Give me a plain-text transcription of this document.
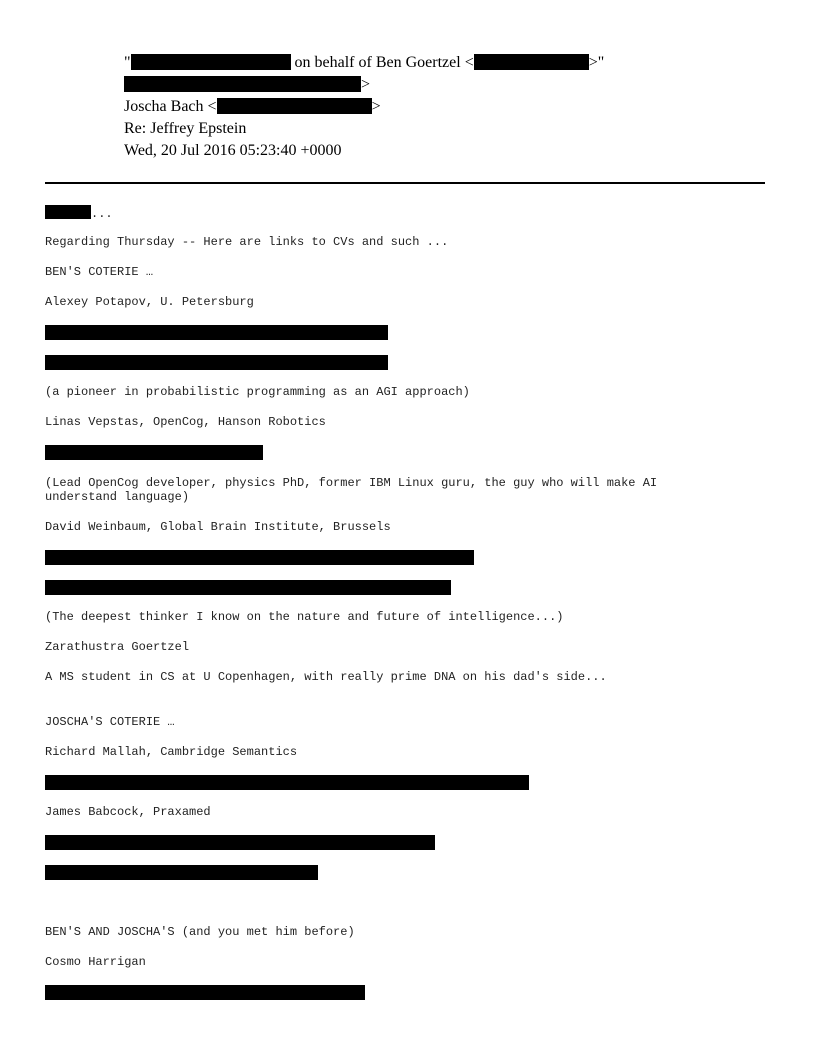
"	on behalf of Ben Goertzel <	>"
>
Joscha Bach <	>
Re: Jeffrey Epstein
Wed, 20 Jul 2016 05:23:40 +0000
...
Regarding Thursday -- Here are links to CVs and such ...
BEN'S COTERIE …
Alexey Potapov, U. Petersburg
(a pioneer in probabilistic programming as an AGI approach)
Linas Vepstas, OpenCog, Hanson Robotics
(Lead OpenCog developer, physics PhD, former IBM Linux guru, the guy who will make AI understand language)
David Weinbaum, Global Brain Institute, Brussels
(The deepest thinker I know on the nature and future of intelligence...)
Zarathustra Goertzel
A MS student in CS at U Copenhagen, with really prime DNA on his dad's side...
JOSCHA'S COTERIE …
Richard Mallah, Cambridge Semantics
James Babcock, Praxamed
BEN'S AND JOSCHA'S (and you met him before)
Cosmo Harrigan
